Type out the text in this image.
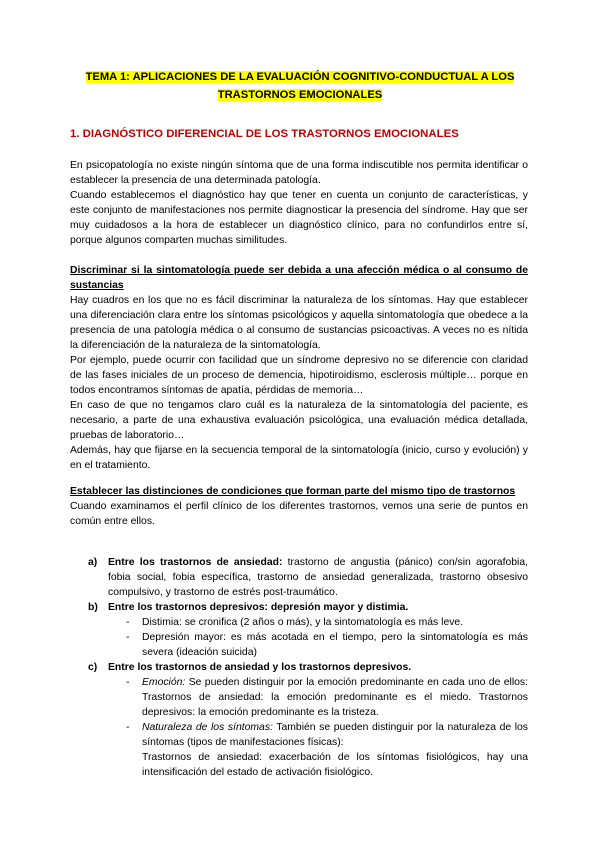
TEMA 1: APLICACIONES DE LA EVALUACIÓN COGNITIVO-CONDUCTUAL A LOS
TRASTORNOS EMOCIONALES
1. DIAGNÓSTICO DIFERENCIAL DE LOS TRASTORNOS EMOCIONALES

En psicopatología no existe ningún síntoma que de una forma indiscutible nos permita identificar o establecer la presencia de una determinada patología.

Cuando establecemos el diagnóstico hay que tener en cuenta un conjunto de características, y este conjunto de manifestaciones nos permite diagnosticar la presencia del síndrome. Hay que ser muy cuidadosos a la hora de establecer un diagnóstico clínico, para no confundirlos entre sí, porque algunos comparten muchas similitudes.

Discriminar si la sintomatología puede ser debida a una afección médica o al consumo de sustancias

Hay cuadros en los que no es fácil discriminar la naturaleza de los síntomas. Hay que establecer una diferenciación clara entre los síntomas psicológicos y aquella sintomatología que obedece a la presencia de una patología médica o al consumo de sustancias psicoactivas. A veces no es nítida la diferenciación de la naturaleza de la sintomatología.

Por ejemplo, puede ocurrir con facilidad que un síndrome depresivo no se diferencie con claridad de las fases iniciales de un proceso de demencia, hipotiroidismo, esclerosis múltiple… porque en todos encontramos síntomas de apatía, pérdidas de memoria…

En caso de que no tengamos claro cuál es la naturaleza de la sintomatología del paciente, es necesario, a parte de una exhaustiva evaluación psicológica, una evaluación médica detallada, pruebas de laboratorio…

Además, hay que fijarse en la secuencia temporal de la sintomatología (inicio, curso y evolución) y en el tratamiento.

Establecer las distinciones de condiciones que forman parte del mismo tipo de trastornos

Cuando examinamos el perfil clínico de los diferentes trastornos, vemos una serie de puntos en común entre ellos.

a) Entre los trastornos de ansiedad: trastorno de angustia (pánico) con/sin agorafobia, fobia social, fobia específica, trastorno de ansiedad generalizada, trastorno obsesivo compulsivo, y trastorno de estrés post-traumático.
b) Entre los trastornos depresivos: depresión mayor y distimia.
- Distimia: se cronifica (2 años o más), y la sintomatología es más leve.
- Depresión mayor: es más acotada en el tiempo, pero la sintomatología es más severa (ideación suicida)
c) Entre los trastornos de ansiedad y los trastornos depresivos.
- Emoción: Se pueden distinguir por la emoción predominante en cada uno de ellos: Trastornos de ansiedad: la emoción predominante es el miedo. Trastornos depresivos: la emoción predominante es la tristeza.
- Naturaleza de los síntomas: También se pueden distinguir por la naturaleza de los síntomas (tipos de manifestaciones físicas):
Trastornos de ansiedad: exacerbación de los síntomas fisiológicos, hay una intensificación del estado de activación fisiológico.
